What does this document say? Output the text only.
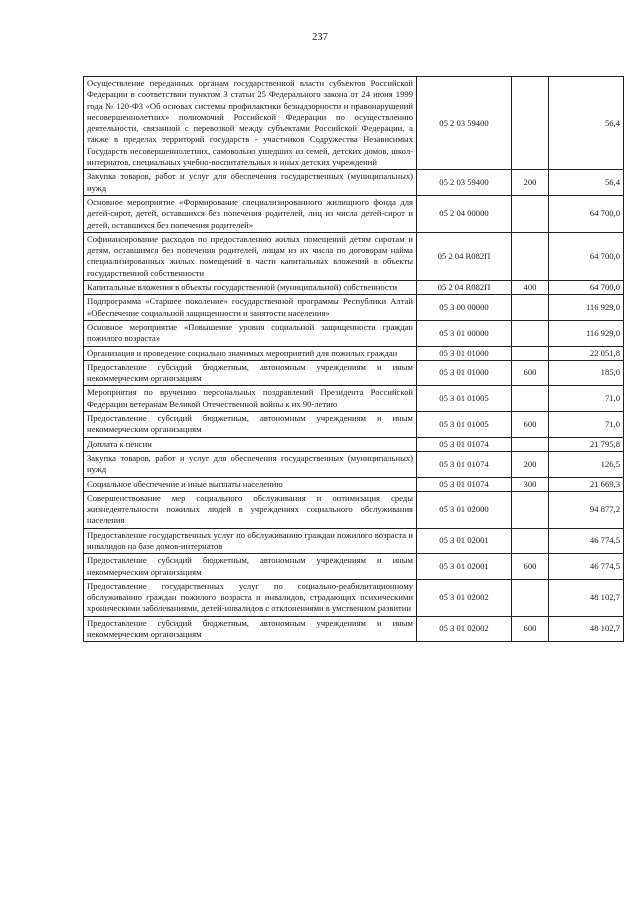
237
Осуществление переданных органам государственной власти субъектов Российской Федерации в соответствии пунктом 3 статьи 25 Федерального закона от 24 июня 1999 года № 120-ФЗ «Об основах системы профилактики безнадзорности и правонарушений несовершеннолетних» полномочий Российской Федерации по осуществлению деятельности, связанной с перевозкой между субъектами Российской Федерации, а также в пределах территорий государств - участников Содружества Независимых Государств несовершеннолетних, самовольно ушедших из семей, детских домов, школ-интернатов, специальных учебно-воспитательных и иных детских учреждений	05 2 03 59400		56,4
Закупка товаров, работ и услуг для обеспечения государственных (муниципальных) нужд	05 2 03 59400	200	56,4
Основное мероприятие «Формирование специализированного жилищного фонда для детей-сирот, детей, оставшихся без попечения родителей, лиц из числа детей-сирот и детей, оставшихся без попечения родителей»	05 2 04 00000		64 700,0
Софинансирование расходов по предоставлению жилых помещений детям сиротам и детям, оставшимся без попечения родителей, лицам из их числа по договорам найма специализированных жилых помещений в части капитальных вложений в объекты государственной собственности	05 2 04 R082П		64 700,0
Капитальные вложения в объекты государственной (муниципальной) собственности	05 2 04 R082П	400	64 700,0
Подпрограмма «Старшее поколение» государственной программы Республики Алтай «Обеспечение социальной защищенности и занятости населения»	05 3 00 00000		116 929,0
Основное мероприятие «Повышение уровня социальной защищенности граждан пожилого возраста»	05 3 01 00000		116 929,0
Организация и проведение социально значимых мероприятий для пожилых граждан	05 3 01 01000		22 051,8
Предоставление субсидий бюджетным, автономным учреждениям и иным некоммерческим организациям	05 3 01 01000	600	185,0
Мероприятия по вручению персональных поздравлений Президента Российской Федерации ветеранам Великой Отечественной войны к их 90-летию	05 3 01 01005		71,0
Предоставление субсидий бюджетным, автономным учреждениям и иным некоммерческим организациям	05 3 01 01005	600	71,0
Доплата к пенсии	05 3 01 01074		21 795,8
Закупка товаров, работ и услуг для обеспечения государственных (муниципальных) нужд	05 3 01 01074	200	126,5
Социальное обеспечение и иные выплаты населению	05 3 01 01074	300	21 669,3
Совершенствование мер социального обслуживания и оптимизация среды жизнедеятельности пожилых людей в учреждениях социального обслуживания населения	05 3 01 02000		94 877,2
Предоставление государственных услуг по обслуживанию граждан пожилого возраста и инвалидов на базе домов-интернатов	05 3 01 02001		46 774,5
Предоставление субсидий бюджетным, автономным учреждениям и иным некоммерческим организациям	05 3 01 02001	600	46 774,5
Предоставление государственных услуг по социально-реабилитационному обслуживанию граждан пожилого возраста и инвалидов, страдающих психическими хроническими заболеваниями, детей-инвалидов с отклонениями в умственном развитии	05 3 01 02002		48 102,7
Предоставление субсидий бюджетным, автономным учреждениям и иным некоммерческим организациям	05 3 01 02002	600	48 102,7
